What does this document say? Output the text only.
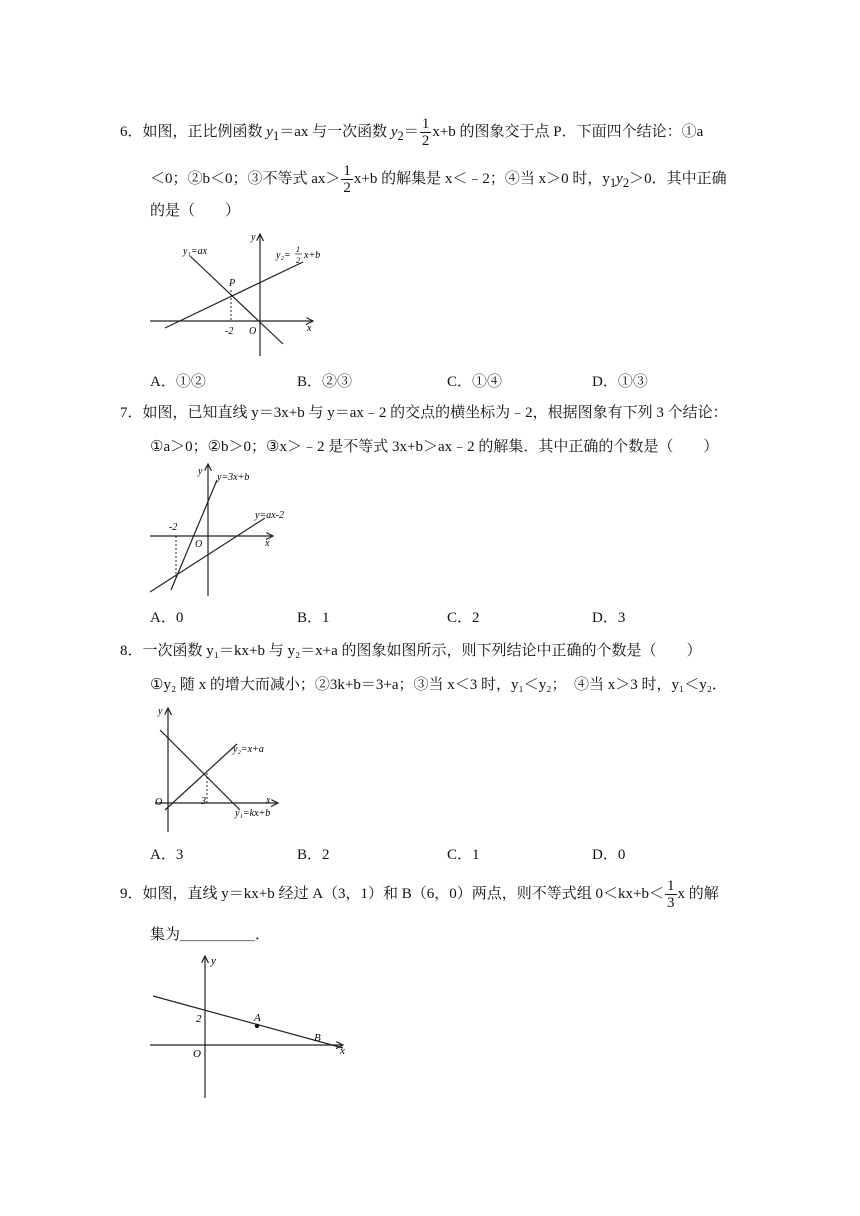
6．如图，正比例函数 $y_1=ax$ 与一次函数 $y_2= \frac{1}{2} x+b$ 的图象交于点 P．下面四个结论：①a
＜0；②b＜0；③不等式 $ax> \frac{1}{2} x+b$ 的解集是 x＜﹣2；④当 x＞0 时，$y_1y_2>0$．其中正确
的是（　　）
y₁=ax
y
y₂=
1
2 x+b
P
-2 O	x
A．①②	B．②③	C．①④	D．①③
7．如图，已知直线 y＝3x+b 与 y＝ax﹣2 的交点的横坐标为﹣2，根据图象有下列 3 个结论：
①a＞0；②b＞0；③x＞﹣2 是不等式 3x+b＞ax﹣2 的解集．其中正确的个数是（　　）
y
y=3x+b
y=ax-2
-2
O	x
A．0	B．1	C．2	D．3
8．一次函数 y₁＝kx+b 与 y₂＝x+a 的图象如图所示，则下列结论中正确的个数是（　　）
①y₂ 随 x 的增大而减小；②3k+b＝3+a；③当 x＜3 时，y₁＜y₂；　④当 x＞3 时，y₁＜y₂．
y
y₂=x+a
O	3	x
y₁=kx+b
A．3	B．2	C．1	D．0
9．如图，直线 y＝kx+b 经过 A（3，1）和 B（6，0）两点，则不等式组 $0<kx+b< \frac{1}{3}$ x 的解
集为＿＿＿＿＿．
y
2	A
O
B
x
